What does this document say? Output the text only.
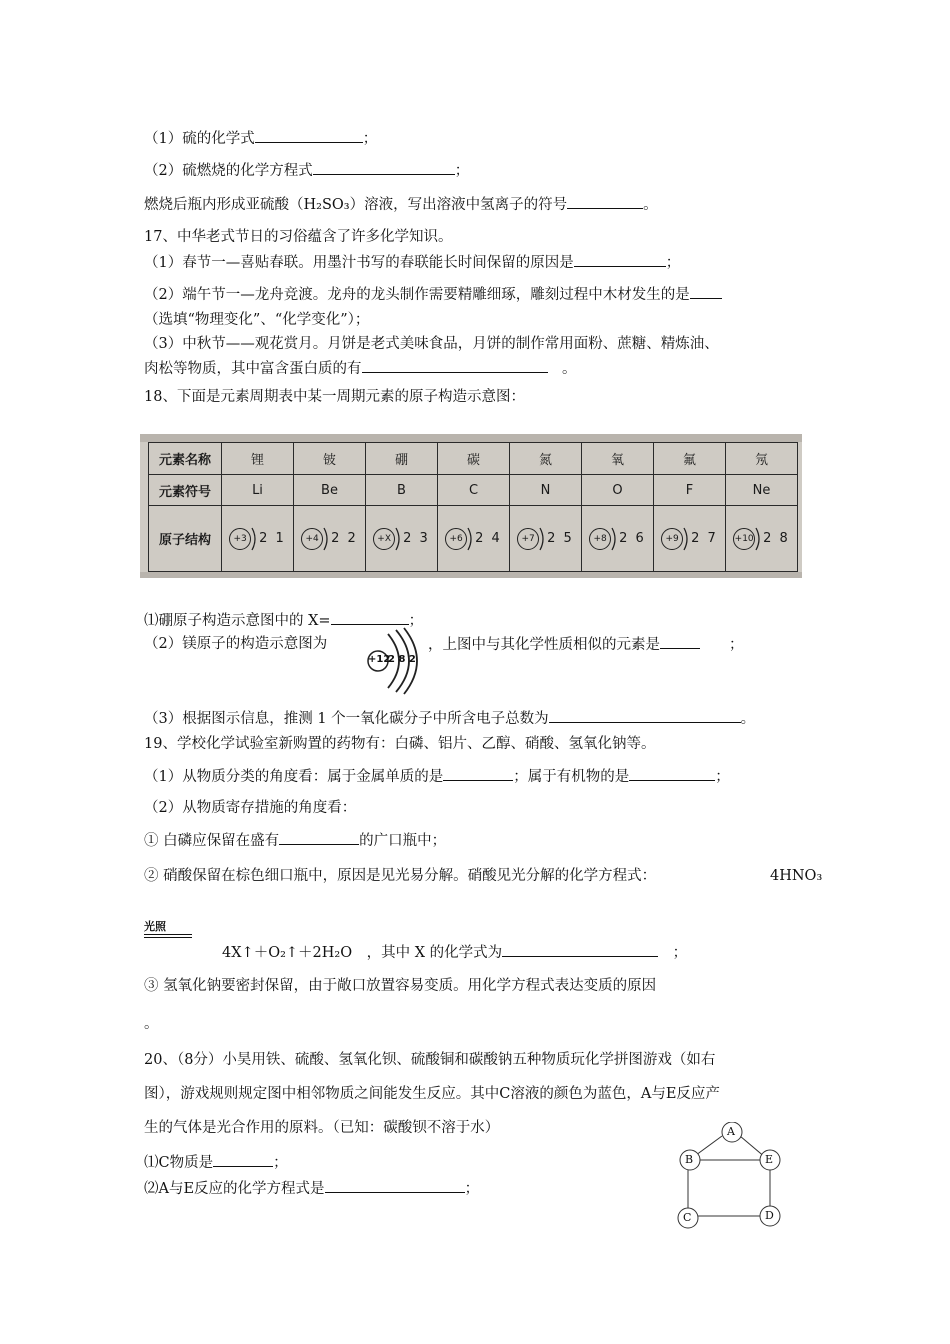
（1）硫的化学式	；
（2）硫燃烧的化学方程式	；
燃烧后瓶内形成亚硫酸（H₂SO₃）溶液，写出溶液中氢离子的符号	。
17、中华老式节日的习俗蕴含了许多化学知识。
（1）春节一—喜贴春联。用墨汁书写的春联能长时间保留的原因是	；
（2）端午节一—龙舟竞渡。龙舟的龙头制作需要精雕细琢，雕刻过程中木材发生的是
（选填“物理变化”、“化学变化”）；
（3）中秋节——观花赏月。月饼是老式美味食品，月饼的制作常用面粉、蔗糖、精炼油、
肉松等物质，其中富含蛋白质的有　	。
18、下面是元素周期表中某一周期元素的原子构造示意图：
元素名称	锂	铍	硼	碳	氮	氧	氟	氖
元素符号	Li	Be	B	C	N	O	F	Ne
原子结构	+3 2 1	+4 2 2	+X 2 3	+6 2 4	+7 2 5	+8 2 6	+9 2 7	+10 2 8
⑴硼原子构造示意图中的 X=	；
（2）镁原子的构造示意图为
+12
2 8 2
，上图中与其化学性质相似的元素是　　	；
（3）根据图示信息，推测 1 个一氧化碳分子中所含电子总数为	。
19、学校化学试验室新购置的药物有：白磷、铝片、乙醇、硝酸、氢氧化钠等。
（1）从物质分类的角度看：属于金属单质的是	；属于有机物的是	；
（2）从物质寄存措施的角度看：
① 白磷应保留在盛有	的广口瓶中；
② 硝酸保留在棕色细口瓶中，原因是见光易分解。硝酸见光分解的化学方程式：	4HNO₃
光照
4X↑＋O₂↑＋2H₂O　，其中 X 的化学式为　	；
③ 氢氧化钠要密封保留，由于敞口放置容易变质。用化学方程式表达变质的原因
。
20、（8分）小昊用铁、硫酸、氢氧化钡、硫酸铜和碳酸钠五种物质玩化学拼图游戏（如右
图），游戏规则规定图中相邻物质之间能发生反应。其中C溶液的颜色为蓝色，A与E反应产
生的气体是光合作用的原料。（已知：碳酸钡不溶于水）
⑴C物质是	；
⑵A与E反应的化学方程式是	；
A
B	E
C	D
